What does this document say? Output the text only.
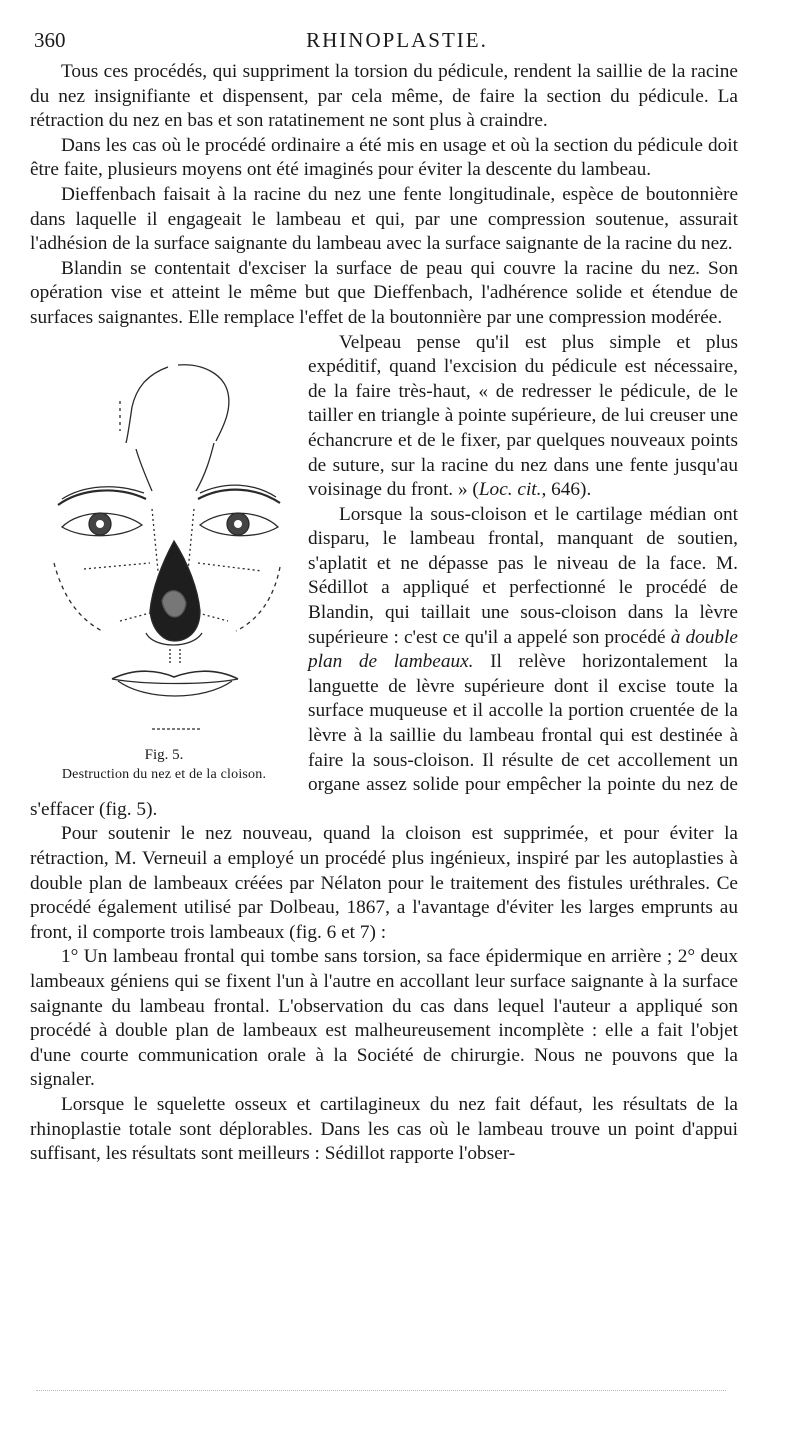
360	RHINOPLASTIE.

Tous ces procédés, qui suppriment la torsion du pédicule, rendent la saillie de la racine du nez insignifiante et dispensent, par cela même, de faire la section du pédicule. La rétraction du nez en bas et son ratatinement ne sont plus à craindre.

Dans les cas où le procédé ordinaire a été mis en usage et où la section du pédicule doit être faite, plusieurs moyens ont été imaginés pour éviter la descente du lambeau.

Dieffenbach faisait à la racine du nez une fente longitudinale, espèce de boutonnière dans laquelle il engageait le lambeau et qui, par une compression soutenue, assurait l'adhésion de la surface saignante du lambeau avec la surface saignante de la racine du nez.

Blandin se contentait d'exciser la surface de peau qui couvre la racine du nez. Son opération vise et atteint le même but que Dieffenbach, l'adhérence solide et étendue de surfaces saignantes. Elle remplace l'effet de la boutonnière par une compression modérée.

Fig. 5.
Destruction du nez et de la cloison.

Velpeau pense qu'il est plus simple et plus expéditif, quand l'excision du pédicule est nécessaire, de la faire très-haut, « de redresser le pédicule, de le tailler en triangle à pointe supérieure, de lui creuser une échancrure et de le fixer, par quelques nouveaux points de suture, sur la racine du nez dans une fente jusqu'au voisinage du front. » (Loc. cit., 646).

Lorsque la sous-cloison et le cartilage médian ont disparu, le lambeau frontal, manquant de soutien, s'aplatit et ne dépasse pas le niveau de la face. M. Sédillot a appliqué et perfectionné le procédé de Blandin, qui taillait une sous-cloison dans la lèvre supérieure : c'est ce qu'il a appelé son procédé à double plan de lambeaux. Il relève horizontalement la languette de lèvre supérieure dont il excise toute la surface muqueuse et il accolle la portion cruentée de la lèvre à la saillie du lambeau frontal qui est destinée à faire la sous-cloison. Il résulte de cet accollement un organe assez solide pour empêcher la pointe du nez de s'effacer (fig. 5).

Pour soutenir le nez nouveau, quand la cloison est supprimée, et pour éviter la rétraction, M. Verneuil a employé un procédé plus ingénieux, inspiré par les autoplasties à double plan de lambeaux créées par Nélaton pour le traitement des fistules uréthrales. Ce procédé également utilisé par Dolbeau, 1867, a l'avantage d'éviter les larges emprunts au front, il comporte trois lambeaux (fig. 6 et 7) :

1° Un lambeau frontal qui tombe sans torsion, sa face épidermique en arrière ; 2° deux lambeaux géniens qui se fixent l'un à l'autre en accollant leur surface saignante à la surface saignante du lambeau frontal. L'observation du cas dans lequel l'auteur a appliqué son procédé à double plan de lambeaux est malheureusement incomplète : elle a fait l'objet d'une courte communication orale à la Société de chirurgie. Nous ne pouvons que la signaler.

Lorsque le squelette osseux et cartilagineux du nez fait défaut, les résultats de la rhinoplastie totale sont déplorables. Dans les cas où le lambeau trouve un point d'appui suffisant, les résultats sont meilleurs : Sédillot rapporte l'obser-
